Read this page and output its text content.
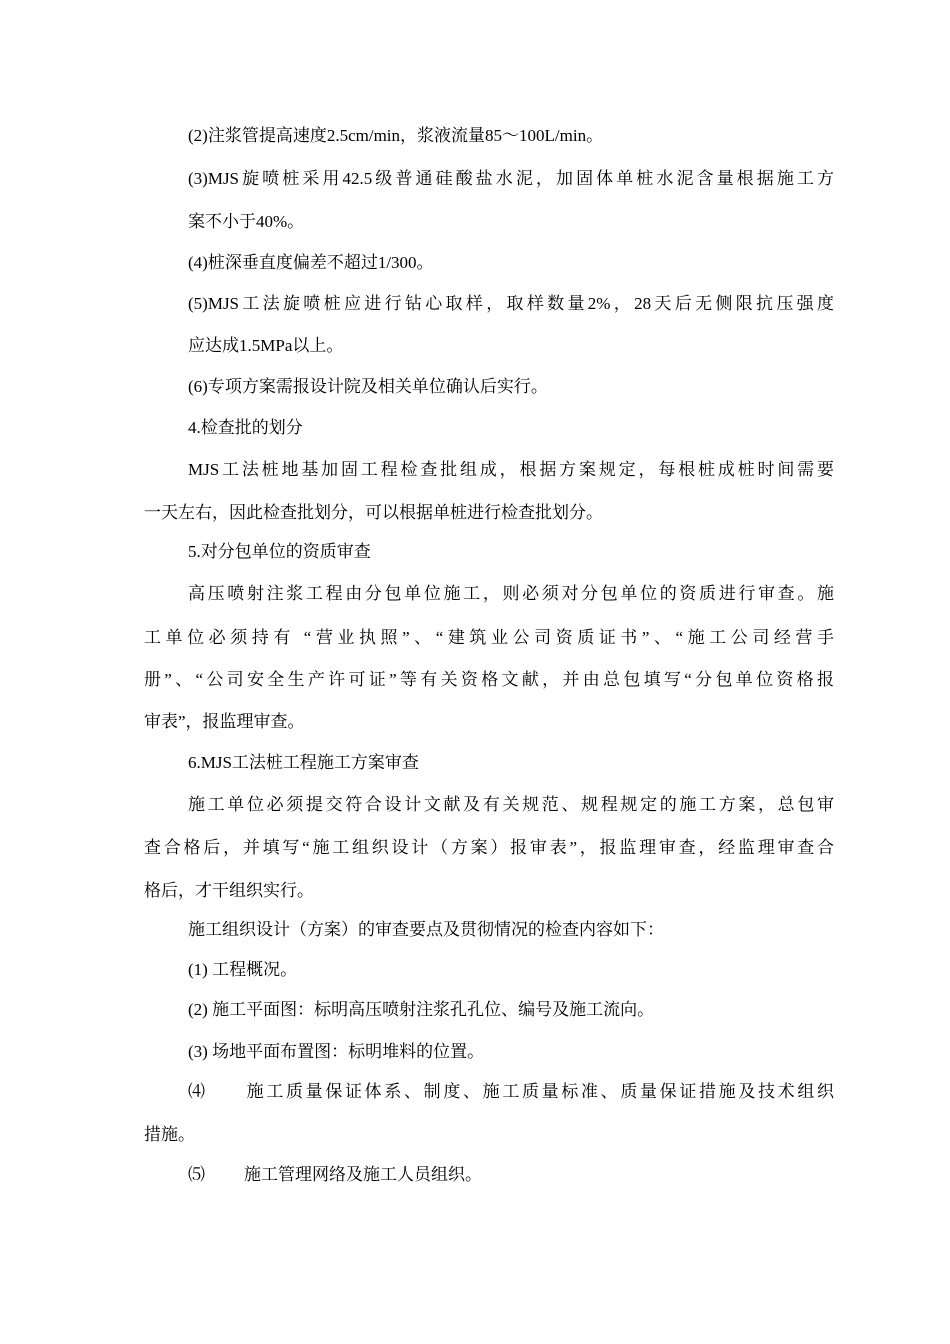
(2)注浆管提高速度2.5cm/min，浆液流量85～100L/min。
(3)MJS旋喷桩采用42.5级普通硅酸盐水泥，加固体单桩水泥含量根据施工方
案不小于40%。
(4)桩深垂直度偏差不超过1/300。
(5)MJS工法旋喷桩应进行钻心取样，取样数量2%，28天后无侧限抗压强度
应达成1.5MPa以上。
(6)专项方案需报设计院及相关单位确认后实行。
4.检查批的划分
MJS工法桩地基加固工程检查批组成，根据方案规定，每根桩成桩时间需要
一天左右，因此检查批划分，可以根据单桩进行检查批划分。
5.对分包单位的资质审查
高压喷射注浆工程由分包单位施工，则必须对分包单位的资质进行审查。施
工单位必须持有 “营业执照”、“建筑业公司资质证书”、“施工公司经营手
册”、“公司安全生产许可证”等有关资格文献，并由总包填写“分包单位资格报
审表”，报监理审查。
6.MJS工法桩工程施工方案审查
施工单位必须提交符合设计文献及有关规范、规程规定的施工方案，总包审
查合格后，并填写“施工组织设计（方案）报审表”，报监理审查，经监理审查合
格后，才干组织实行。
施工组织设计（方案）的审查要点及贯彻情况的检查内容如下：
(1) 工程概况。
(2) 施工平面图：标明高压喷射注浆孔孔位、编号及施工流向。
(3) 场地平面布置图：标明堆料的位置。
⑷ 施工质量保证体系、制度、施工质量标准、质量保证措施及技术组织
措施。
⑸ 施工管理网络及施工人员组织。
